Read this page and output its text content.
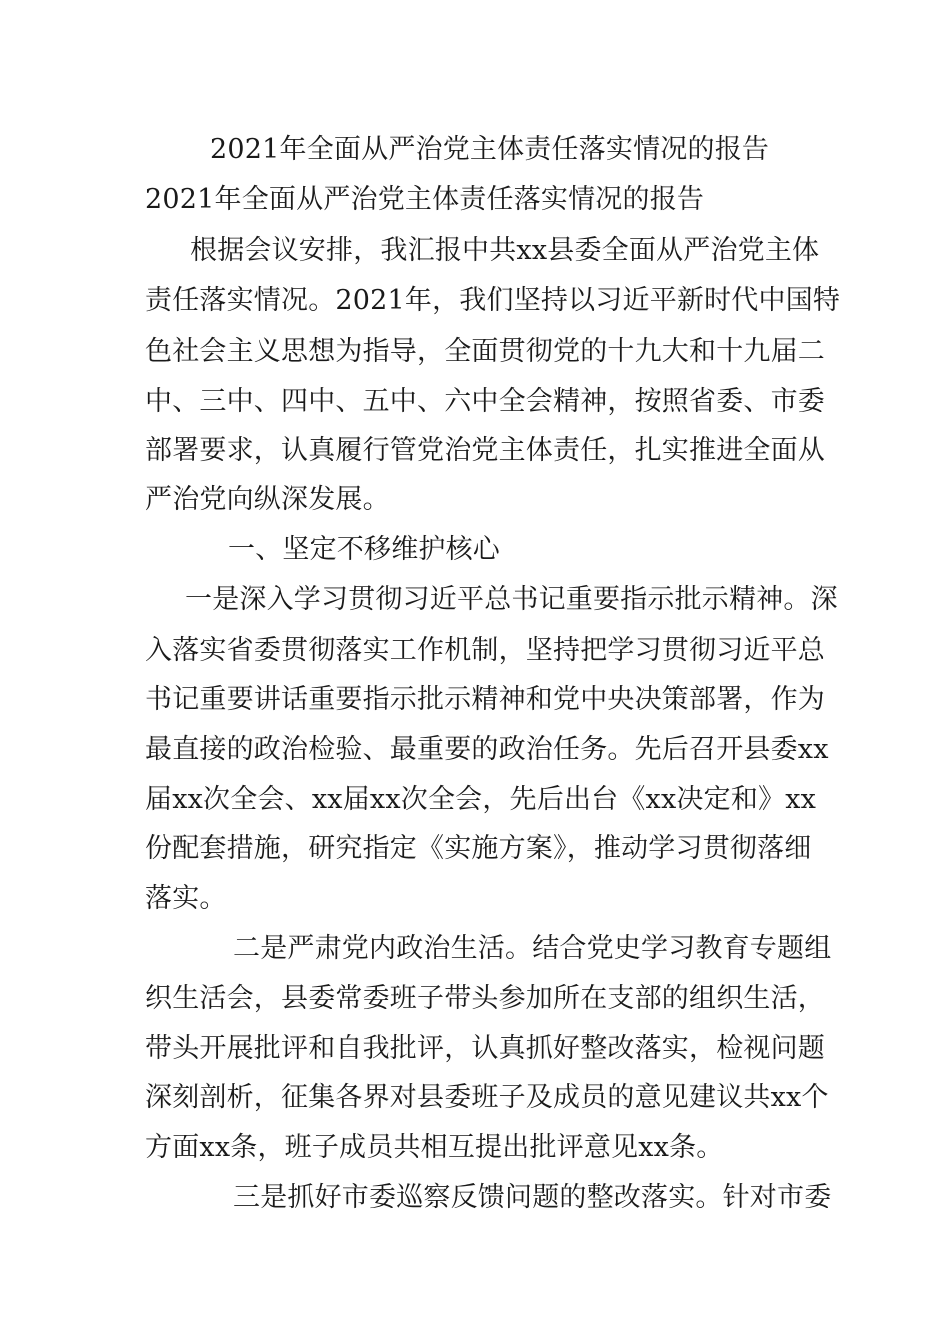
2021年全面从严治党主体责任落实情况的报告
2021年全面从严治党主体责任落实情况的报告
根据会议安排，我汇报中共xx县委全面从严治党主体
责任落实情况。2021年，我们坚持以习近平新时代中国特
色社会主义思想为指导，全面贯彻党的十九大和十九届二
中、三中、四中、五中、六中全会精神，按照省委、市委
部署要求，认真履行管党治党主体责任，扎实推进全面从
严治党向纵深发展。
一、坚定不移维护核心
一是深入学习贯彻习近平总书记重要指示批示精神。深
入落实省委贯彻落实工作机制，坚持把学习贯彻习近平总
书记重要讲话重要指示批示精神和党中央决策部署，作为
最直接的政治检验、最重要的政治任务。先后召开县委xx
届xx次全会、xx届xx次全会，先后出台《xx决定和》xx
份配套措施，研究指定《实施方案》，推动学习贯彻落细
落实。
二是严肃党内政治生活。结合党史学习教育专题组
织生活会，县委常委班子带头参加所在支部的组织生活，
带头开展批评和自我批评，认真抓好整改落实，检视问题
深刻剖析，征集各界对县委班子及成员的意见建议共xx个
方面xx条，班子成员共相互提出批评意见xx条。
三是抓好市委巡察反馈问题的整改落实。针对市委
